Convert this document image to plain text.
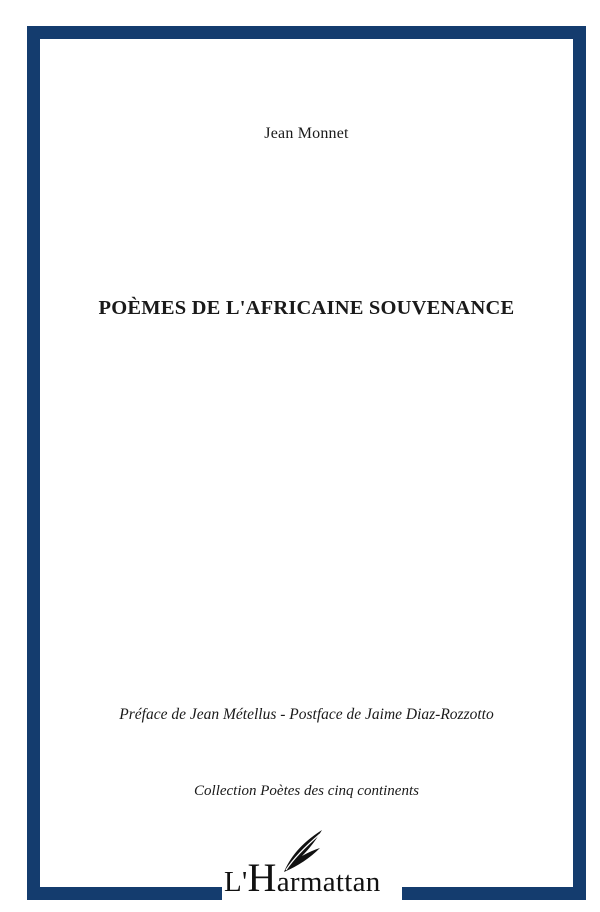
Jean Monnet
POÈMES DE L'AFRICAINE SOUVENANCE
Préface de Jean Métellus - Postface de Jaime Diaz-Rozzotto
Collection Poètes des cinq continents
L'Harmattan
